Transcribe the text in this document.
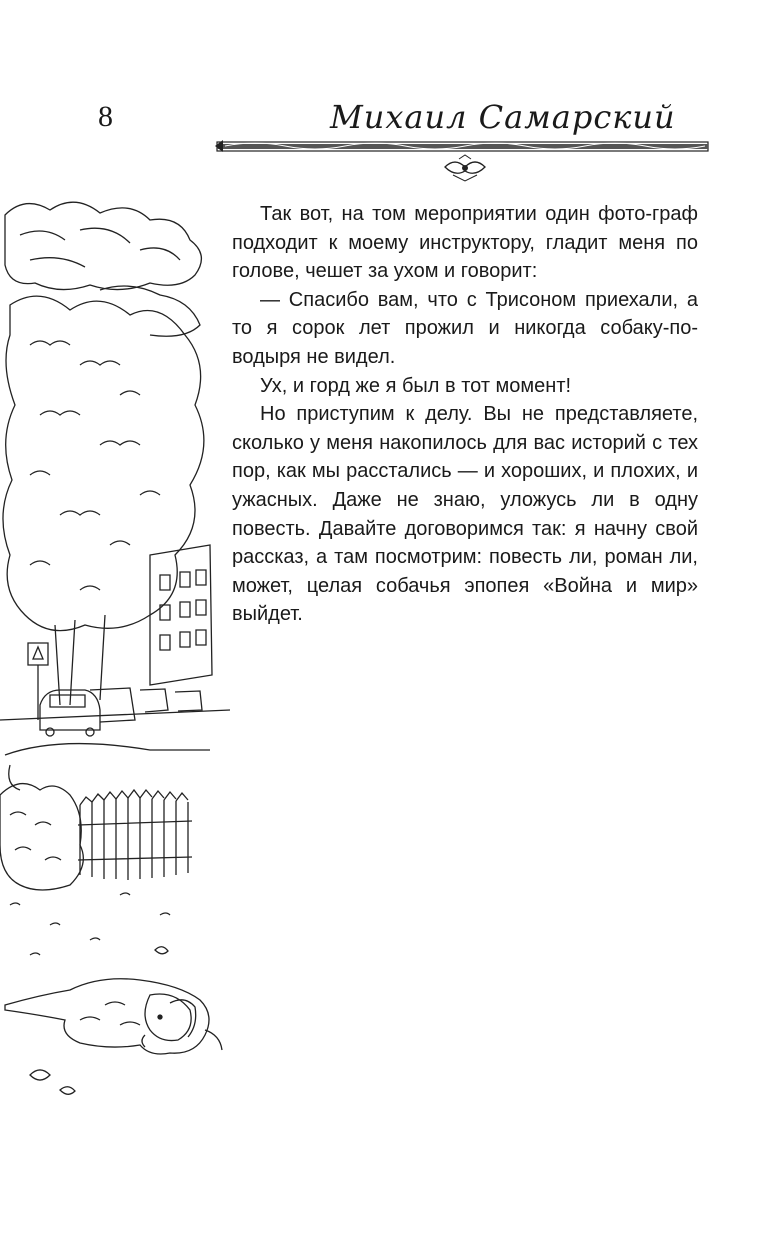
8	Михаил Самарский

Так вот, на том мероприятии один фото-граф подходит к моему инструктору, гладит меня по голове, чешет за ухом и говорит:

— Спасибо вам, что с Трисоном приехали, а то я сорок лет прожил и никогда собаку-по-водыря не видел.

Ух, и горд же я был в тот момент!

Но приступим к делу. Вы не представляете, сколько у меня накопилось для вас историй с тех пор, как мы расстались — и хороших, и плохих, и ужасных. Даже не знаю, уложусь ли в одну повесть. Давайте договоримся так: я начну свой рассказ, а там посмотрим: повесть ли, роман ли, может, целая собачья эпопея «Война и мир» выйдет.
